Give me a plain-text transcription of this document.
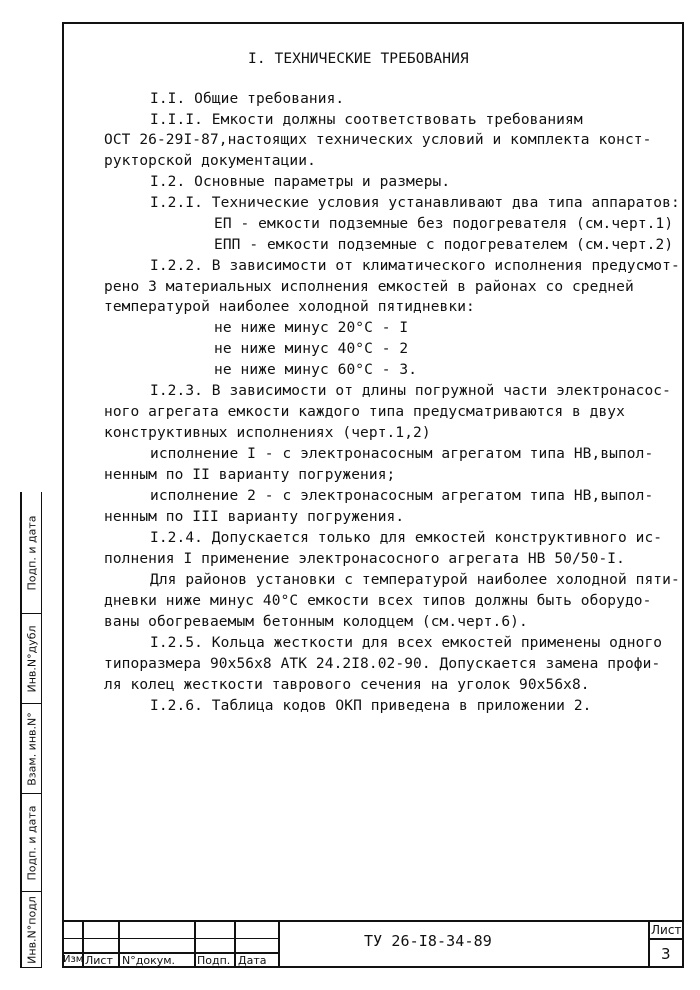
I. ТЕХНИЧЕСКИЕ ТРЕБОВАНИЯ
I.I. Общие требования.
I.I.I. Емкости должны соответствовать требованиям
ОСТ 26-29I-87,настоящих технических условий и комплекта конст-
рукторской документации.
I.2. Основные параметры и размеры.
I.2.I. Технические условия устанавливают два типа аппаратов:
ЕП - емкости подземные без подогревателя (см.черт.1)
ЕПП - емкости подземные с подогревателем (см.черт.2)
I.2.2. В зависимости от климатического исполнения предусмот-
рено 3 материальных исполнения емкостей в районах со средней
температурой наиболее холодной пятидневки:
не ниже минус 20°С - I
не ниже минус 40°С - 2
не ниже минус 60°С - 3.
I.2.3. В зависимости от длины погружной части электронасос-
ного агрегата емкости каждого типа предусматриваются в двух
конструктивных исполнениях (черт.1,2)
исполнение I - с электронасосным агрегатом типа НВ,выпол-
ненным по II варианту погружения;
исполнение 2 - с электронасосным агрегатом типа НВ,выпол-
ненным по III варианту погружения.
I.2.4. Допускается только для емкостей конструктивного ис-
полнения I применение электронасосного агрегата НВ 50/50-I.
Для районов установки с температурой наиболее холодной пяти-
дневки ниже минус 40°С емкости всех типов должны быть оборудо-
ваны обогреваемым бетонным колодцем (см.черт.6).
I.2.5. Кольца жесткости для всех емкостей применены одного
типоразмера 90х56х8 АТК 24.2I8.02-90. Допускается замена профи-
ля колец жесткости таврового сечения на уголок 90х56х8.
I.2.6. Таблица кодов ОКП приведена в приложении 2.
Подп. и дата
Инв.N°дубл
Взам. инв.N°
Подп. и дата
Инв.N°подл	Изм Лист N°докум. Подп. Дата
ТУ 26-I8-34-89
Лист
3
